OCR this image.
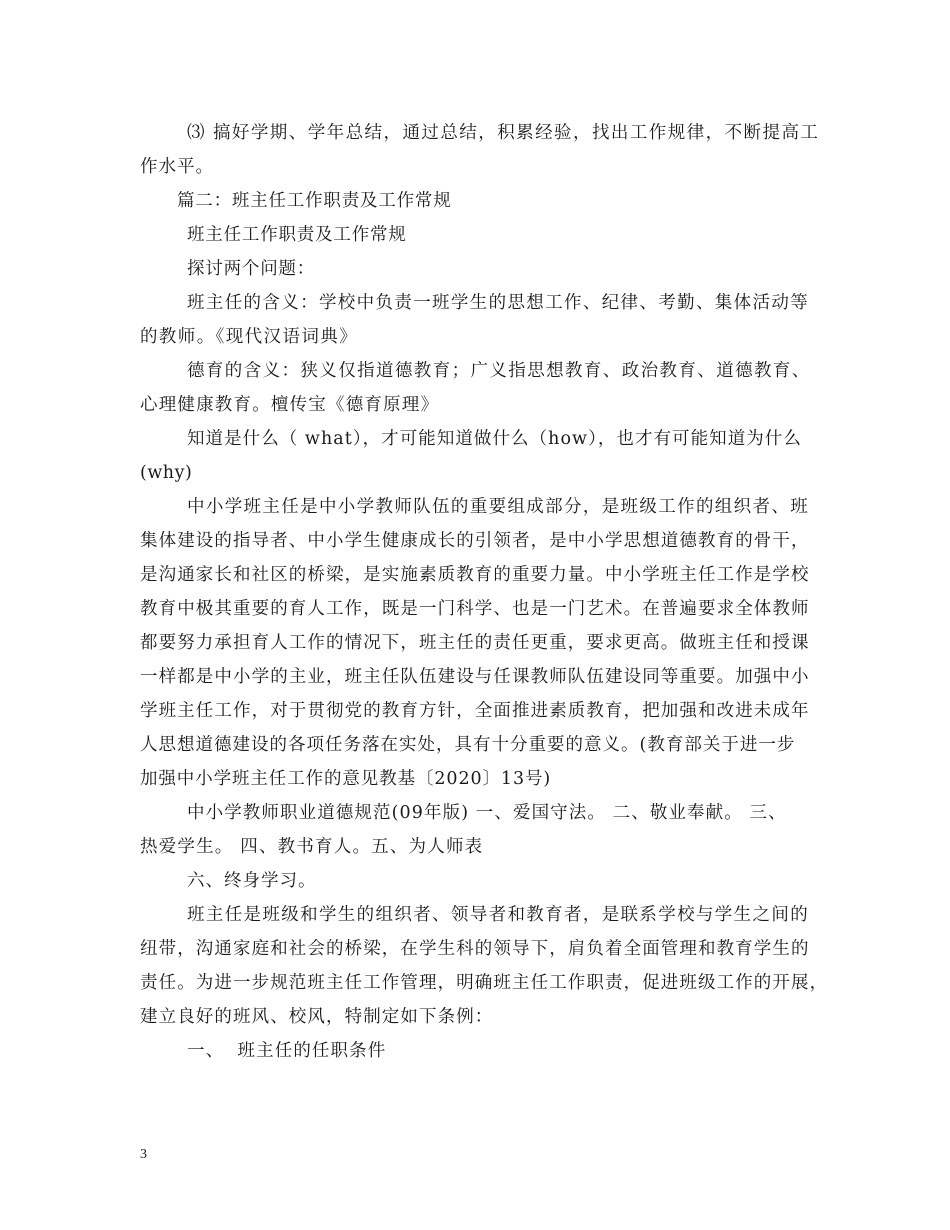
⑶ 搞好学期、学年总结，通过总结，积累经验，找出工作规律，不断提高工
作水平。
篇二：班主任工作职责及工作常规
班主任工作职责及工作常规
探讨两个问题：
班主任的含义：学校中负责一班学生的思想工作、纪律、考勤、集体活动等
的教师。《现代汉语词典》
德育的含义：狭义仅指道德教育；广义指思想教育、政治教育、道德教育、
心理健康教育。檀传宝《德育原理》
知道是什么（ what），才可能知道做什么（how），也才有可能知道为什么
(why)
中小学班主任是中小学教师队伍的重要组成部分，是班级工作的组织者、班
集体建设的指导者、中小学生健康成长的引领者，是中小学思想道德教育的骨干，
是沟通家长和社区的桥梁，是实施素质教育的重要力量。中小学班主任工作是学校
教育中极其重要的育人工作，既是一门科学、也是一门艺术。在普遍要求全体教师
都要努力承担育人工作的情况下，班主任的责任更重，要求更高。做班主任和授课
一样都是中小学的主业，班主任队伍建设与任课教师队伍建设同等重要。加强中小
学班主任工作，对于贯彻党的教育方针，全面推进素质教育，把加强和改进未成年
人思想道德建设的各项任务落在实处，具有十分重要的意义。(教育部关于进一步
加强中小学班主任工作的意见教基〔2020〕13号)
中小学教师职业道德规范(09年版) 一、爱国守法。 二、敬业奉献。 三、
热爱学生。 四、教书育人。五、为人师表
六、终身学习。
班主任是班级和学生的组织者、领导者和教育者，是联系学校与学生之间的
纽带，沟通家庭和社会的桥梁，在学生科的领导下，肩负着全面管理和教育学生的
责任。为进一步规范班主任工作管理，明确班主任工作职责，促进班级工作的开展，
建立良好的班风、校风，特制定如下条例：
一、  班主任的任职条件
3
